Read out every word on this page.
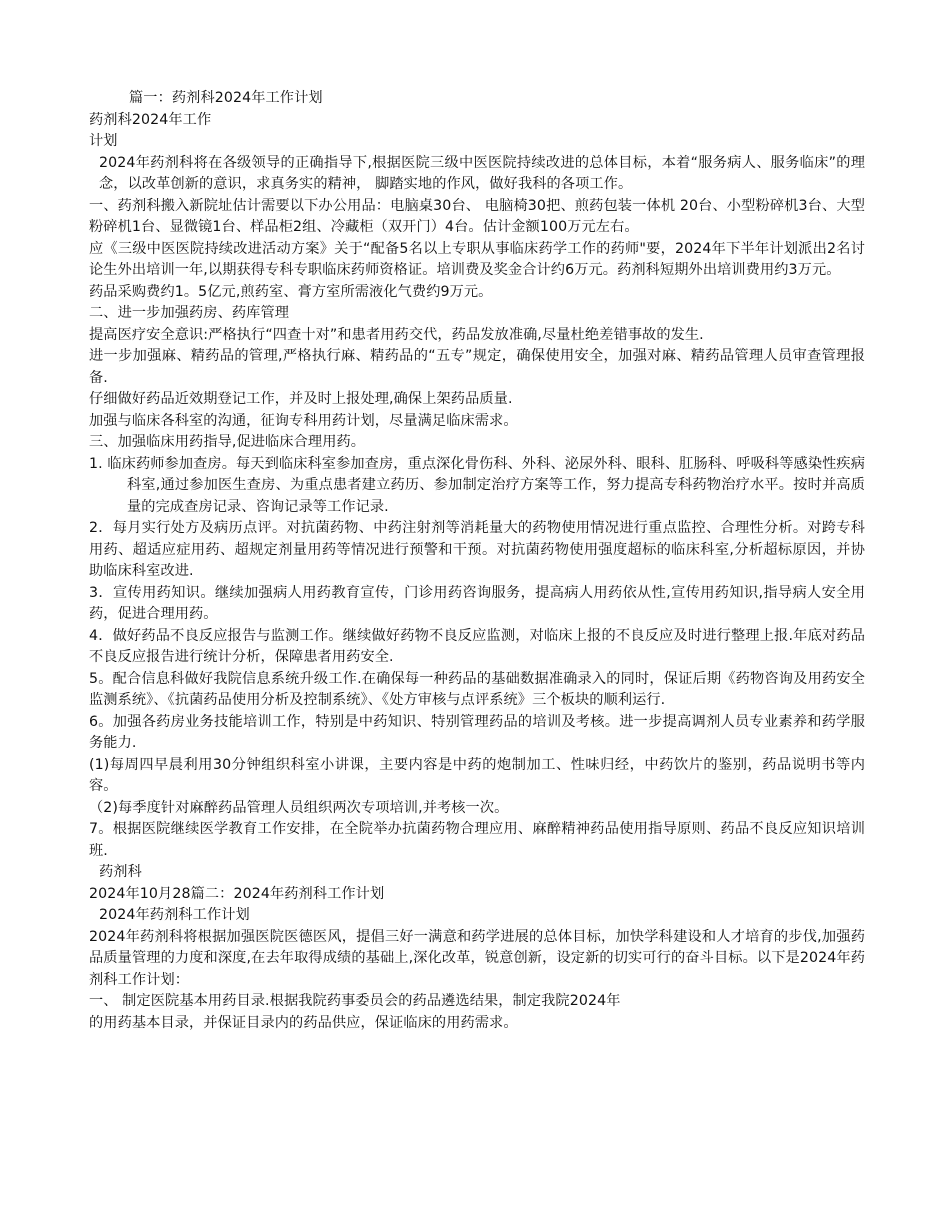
篇一：药剂科2024年工作计划

药剂科2024年工作

计划

2024年药剂科将在各级领导的正确指导下,根据医院三级中医医院持续改进的总体目标，本着“服务病人、服务临床”的理念，以改革创新的意识，求真务实的精神， 脚踏实地的作风，做好我科的各项工作。

一、药剂科搬入新院址估计需要以下办公用品：电脑桌30台、 电脑椅30把、煎药包装一体机 20台、小型粉碎机3台、大型粉碎机1台、显微镜1台、样品柜2组、冷藏柜（双开门）4台。估计金额100万元左右。

应《三级中医医院持续改进活动方案》关于“配备5名以上专职从事临床药学工作的药师"要，2024年下半年计划派出2名讨论生外出培训一年,以期获得专科专职临床药师资格证。培训费及奖金合计约6万元。药剂科短期外出培训费用约3万元。

药品采购费约1。5亿元,煎药室、膏方室所需液化气费约9万元。

二、进一步加强药房、药库管理

提高医疗安全意识:严格执行“四查十对”和患者用药交代，药品发放准确,尽量杜绝差错事故的发生.

进一步加强麻、精药品的管理,严格执行麻、精药品的“五专”规定，确保使用安全，加强对麻、精药品管理人员审查管理报备.

仔细做好药品近效期登记工作，并及时上报处理,确保上架药品质量.

加强与临床各科室的沟通，征询专科用药计划，尽量满足临床需求。

三、加强临床用药指导,促进临床合理用药。

1. 临床药师参加查房。每天到临床科室参加查房，重点深化骨伤科、外科、泌尿外科、眼科、肛肠科、呼吸科等感染性疾病科室,通过参加医生查房、为重点患者建立药历、参加制定治疗方案等工作，努力提高专科药物治疗水平。按时并高质量的完成查房记录、咨询记录等工作记录.

2．每月实行处方及病历点评。对抗菌药物、中药注射剂等消耗量大的药物使用情况进行重点监控、合理性分析。对跨专科用药、超适应症用药、超规定剂量用药等情况进行预警和干预。对抗菌药物使用强度超标的临床科室,分析超标原因，并协助临床科室改进.

3．宣传用药知识。继续加强病人用药教育宣传，门诊用药咨询服务，提高病人用药依从性,宣传用药知识,指导病人安全用药，促进合理用药。

4．做好药品不良反应报告与监测工作。继续做好药物不良反应监测，对临床上报的不良反应及时进行整理上报.年底对药品不良反应报告进行统计分析，保障患者用药安全.

5。配合信息科做好我院信息系统升级工作.在确保每一种药品的基础数据准确录入的同时，保证后期《药物咨询及用药安全监测系统》、《抗菌药品使用分析及控制系统》、《处方审核与点评系统》三个板块的顺利运行.

6。加强各药房业务技能培训工作，特别是中药知识、特别管理药品的培训及考核。进一步提高调剂人员专业素养和药学服务能力.

(1)每周四早晨利用30分钟组织科室小讲课，主要内容是中药的炮制加工、性味归经，中药饮片的鉴别，药品说明书等内容。

（2)每季度针对麻醉药品管理人员组织两次专项培训,并考核一次。

7。根据医院继续医学教育工作安排，在全院举办抗菌药物合理应用、麻醉精神药品使用指导原则、药品不良反应知识培训班.

药剂科

2024年10月28篇二：2024年药剂科工作计划

2024年药剂科工作计划

2024年药剂科将根据加强医院医德医风，提倡三好一满意和药学进展的总体目标，加快学科建设和人才培育的步伐,加强药品质量管理的力度和深度,在去年取得成绩的基础上,深化改革，锐意创新，设定新的切实可行的奋斗目标。以下是2024年药剂科工作计划：

一、 制定医院基本用药目录.根据我院药事委员会的药品遴选结果，制定我院2024年

的用药基本目录，并保证目录内的药品供应，保证临床的用药需求。
